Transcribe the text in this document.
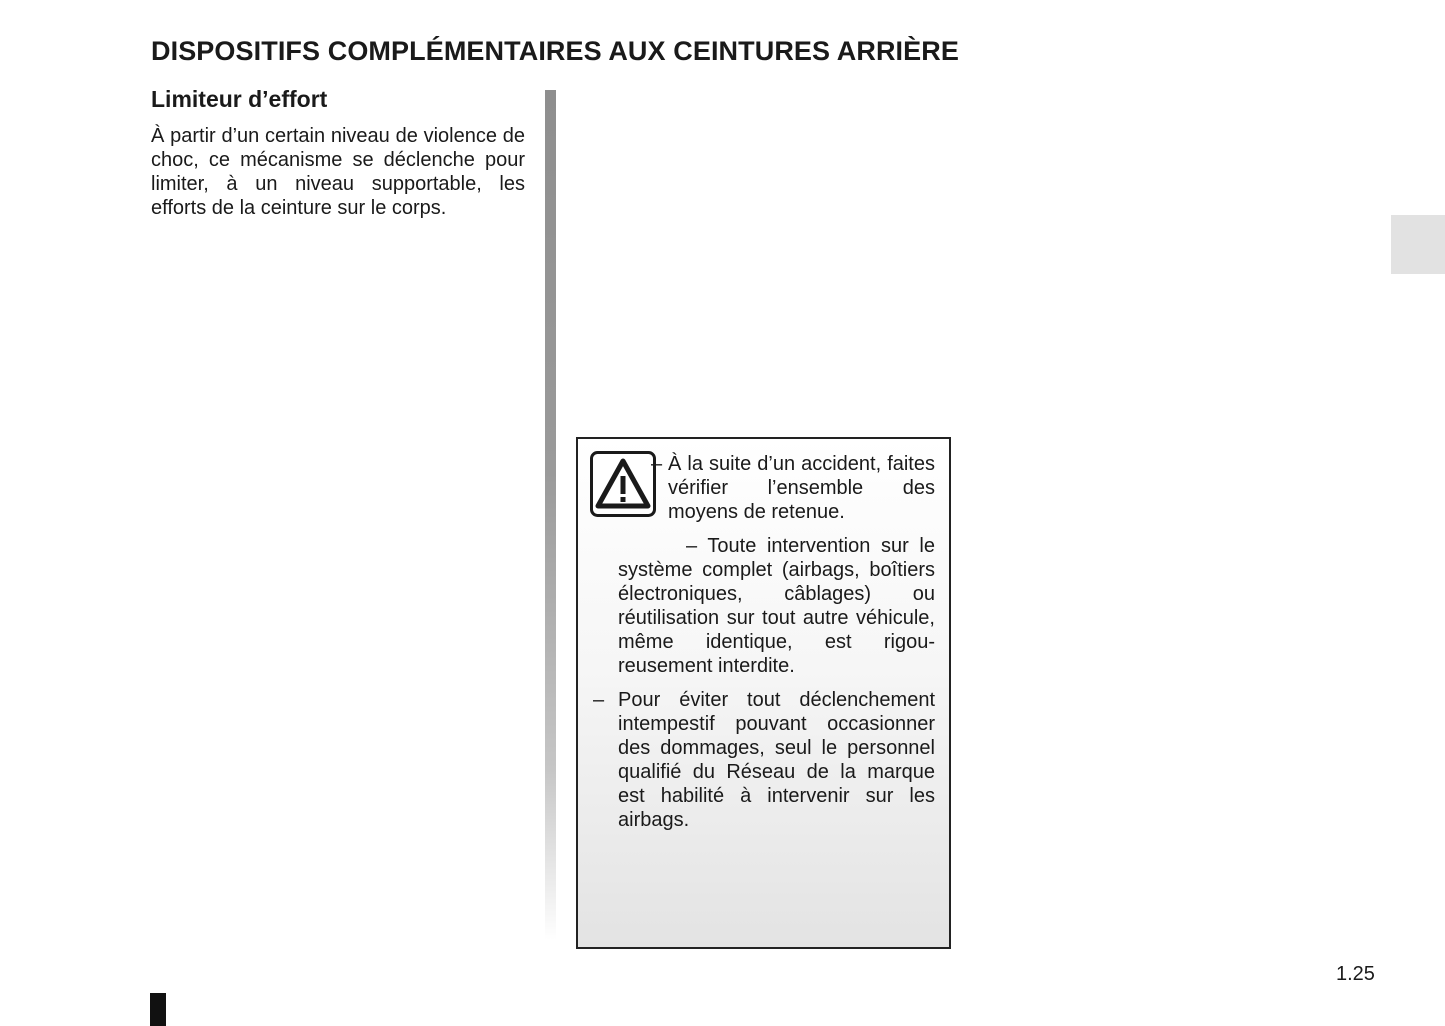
DISPOSITIFS COMPLÉMENTAIRES AUX CEINTURES ARRIÈRE
Limiteur d’effort

À partir d’un certain niveau de violence de choc, ce mécanisme se déclenche pour limiter, à un niveau supportable, les efforts de la ceinture sur le corps.

– À la suite d’un accident, faites vérifier l’ensemble des moyens de retenue.

– Toute intervention sur le système complet (airbags, boîtiers électroniques, câblages) ou réutilisation sur tout autre véhicule, même identique, est rigoureusement interdite.

– Pour éviter tout déclenchement intempestif pouvant occasionner des dommages, seul le personnel qualifié du Réseau de la marque est habilité à intervenir sur les airbags.

1.25
